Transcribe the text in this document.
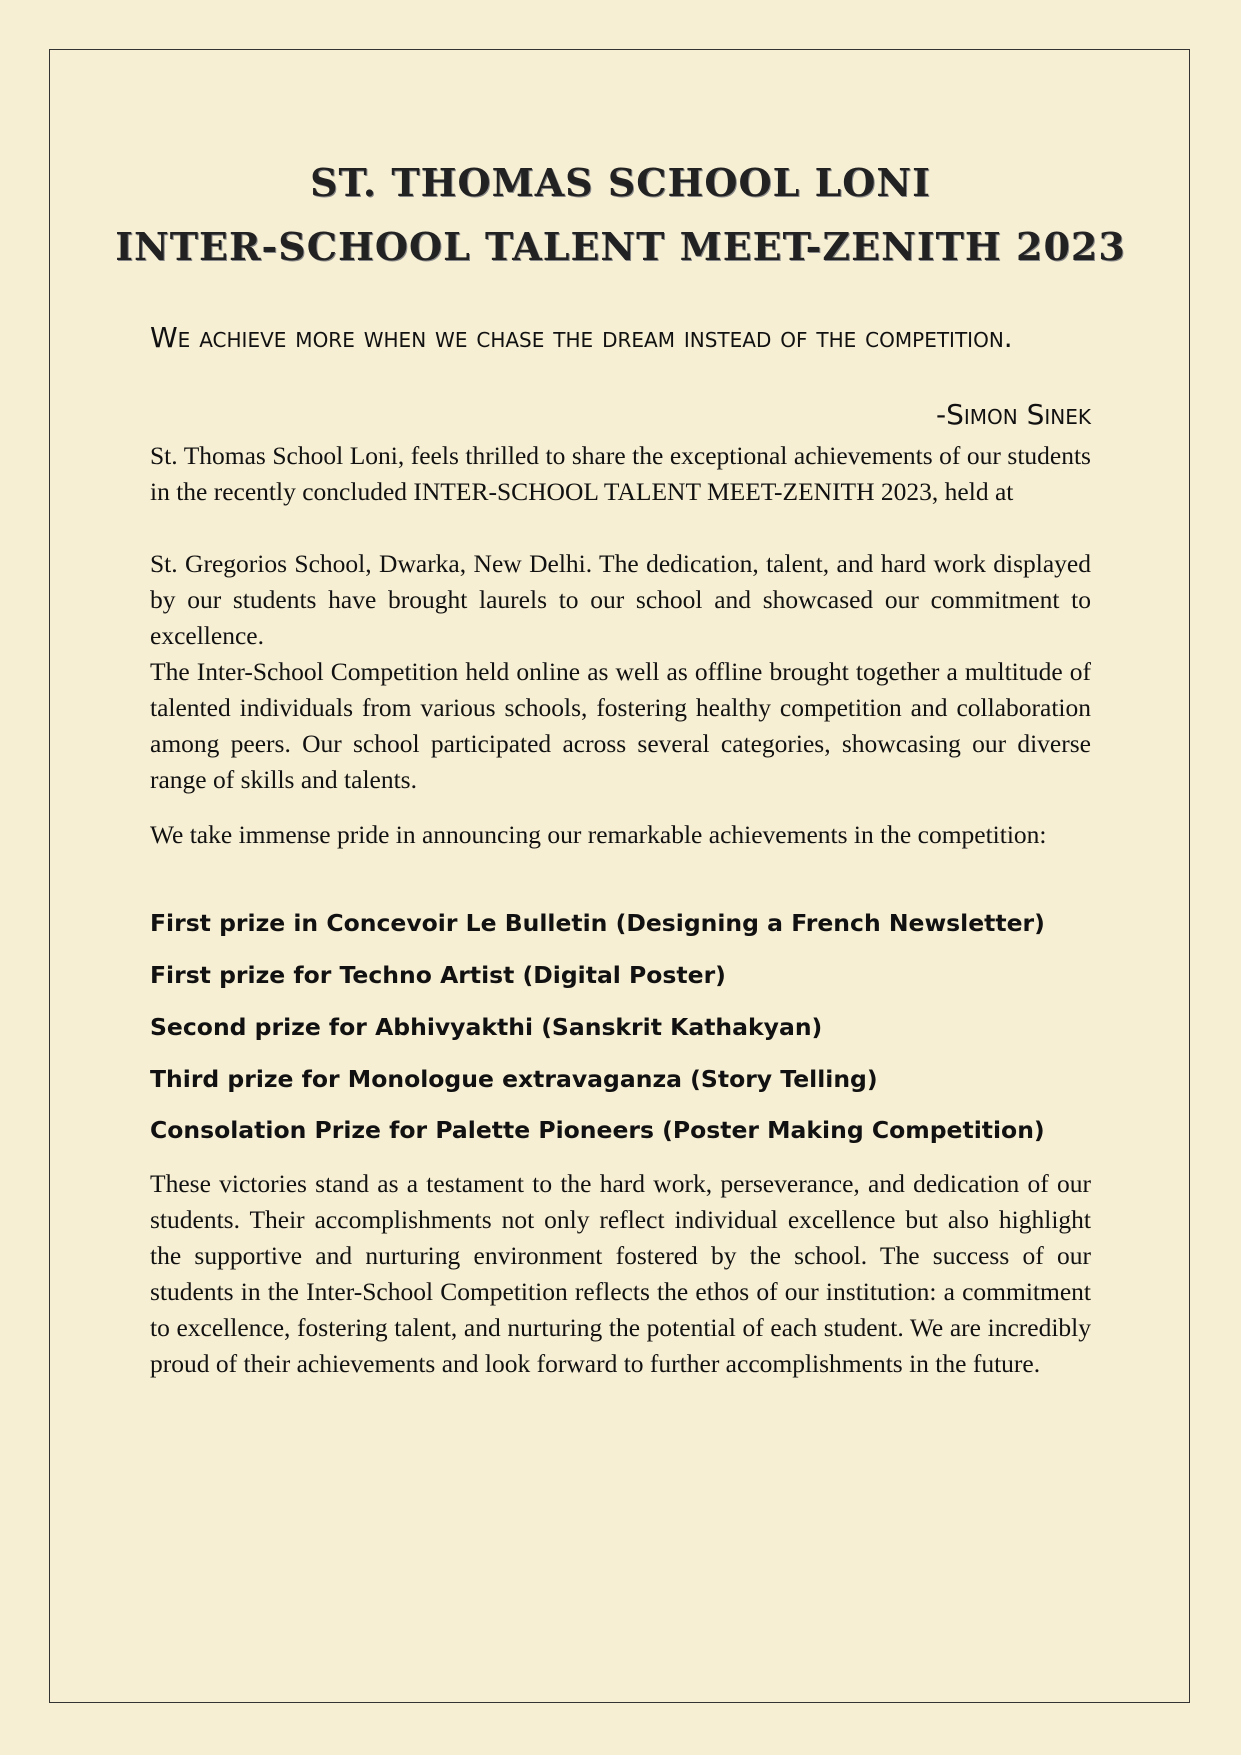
ST. THOMAS SCHOOL LONI
INTER-SCHOOL TALENT MEET-ZENITH 2023
We achieve more when we chase the dream instead of the competition.
-Simon Sinek

St. Thomas School Loni, feels thrilled to share the exceptional achievements of our students in the recently concluded INTER-SCHOOL TALENT MEET-ZENITH 2023, held at

St. Gregorios School, Dwarka, New Delhi. The dedication, talent, and hard work displayed by our students have brought laurels to our school and showcased our commitment to excellence.

The Inter-School Competition held online as well as offline brought together a multitude of talented individuals from various schools, fostering healthy competition and collaboration among peers. Our school participated across several categories, showcasing our diverse range of skills and talents.

We take immense pride in announcing our remarkable achievements in the competition:

First prize in Concevoir Le Bulletin (Designing a French Newsletter)
First prize for Techno Artist (Digital Poster)
Second prize for Abhivyakthi (Sanskrit Kathakyan)
Third prize for Monologue extravaganza (Story Telling)
Consolation Prize for Palette Pioneers (Poster Making Competition)

These victories stand as a testament to the hard work, perseverance, and dedication of our students. Their accomplishments not only reflect individual excellence but also highlight the supportive and nurturing environment fostered by the school. The success of our students in the Inter-School Competition reflects the ethos of our institution: a commitment to excellence, fostering talent, and nurturing the potential of each student. We are incredibly proud of their achievements and look forward to further accomplishments in the future.
